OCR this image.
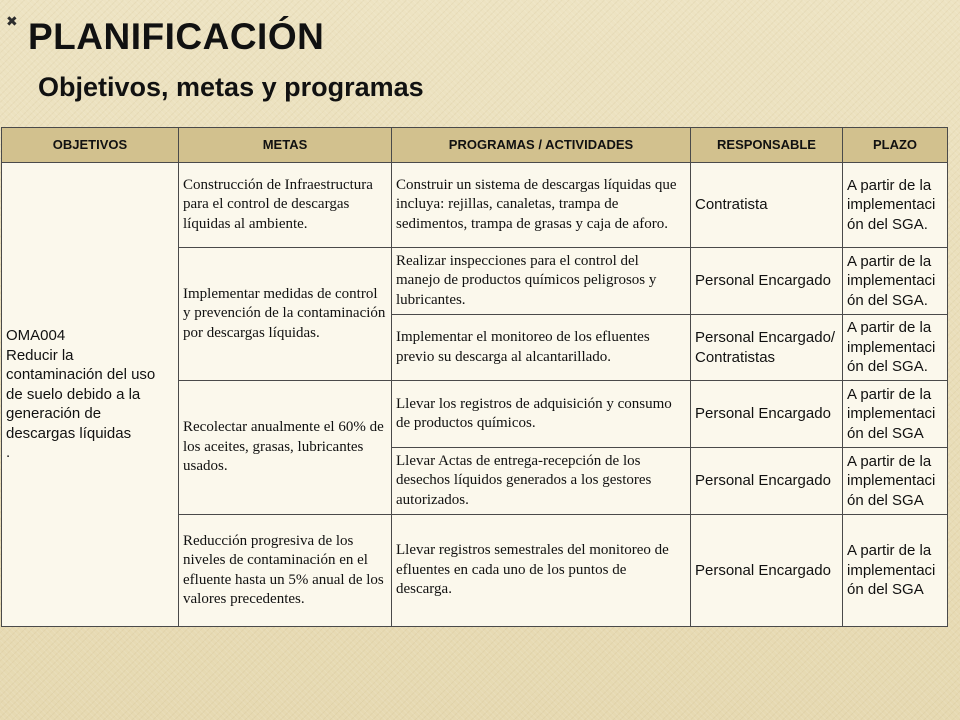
✖ PLANIFICACIÓN
Objetivos, metas y programas
OBJETIVOS	METAS	PROGRAMAS / ACTIVIDADES	RESPONSABLE	PLAZO
OMA004
Reducir la contaminación del uso de suelo debido a la generación de descargas líquidas
.	Construcción de Infraestructura para el control de descargas líquidas al ambiente.	Construir un sistema de descargas líquidas que incluya: rejillas, canaletas, trampa de sedimentos, trampa de grasas y caja de aforo.	Contratista	A partir de la implementaci ón del SGA.
	Implementar medidas de control y prevención de la contaminación por descargas líquidas.	Realizar inspecciones para el control del manejo de productos químicos peligrosos y lubricantes.	Personal Encargado	A partir de la implementaci ón del SGA.
		Implementar el monitoreo de los efluentes previo su descarga al alcantarillado.	Personal Encargado/ Contratistas	A partir de la implementaci ón del SGA.
	Recolectar anualmente el 60% de los aceites, grasas, lubricantes usados.	Llevar los registros de adquisición y consumo de productos químicos.	Personal Encargado	A partir de la implementaci ón del SGA
		Llevar Actas de entrega-recepción de los desechos líquidos generados a los gestores autorizados.	Personal Encargado	A partir de la implementaci ón del SGA
	Reducción progresiva de los niveles de contaminación en el efluente hasta un 5% anual de los valores precedentes.	Llevar registros semestrales del monitoreo de efluentes en cada uno de los puntos de descarga.	Personal Encargado	A partir de la implementaci ón del SGA
